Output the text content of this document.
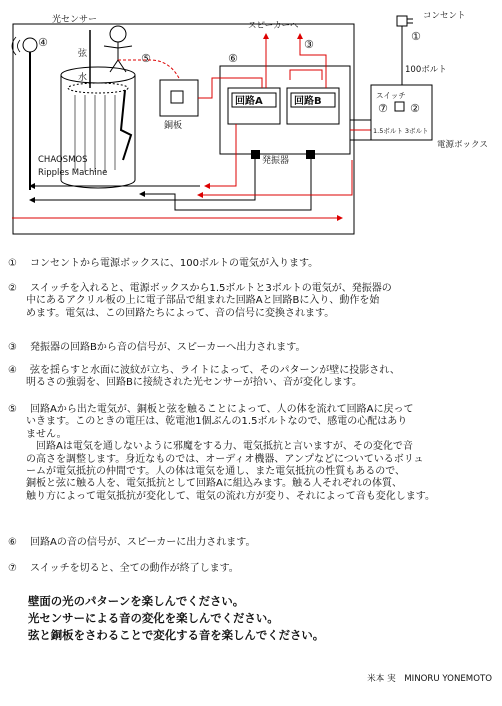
光センサー
④
弦
水
CHAOSMOS
Ripples Machine
⑤
銅板
発振器
回路A	回路B
スピーカーへ
⑥
③
コンセント
①
100ボルト
スイッチ
⑦ ②
1.5ボルト 3ボルト
電源ボックス
① コンセントから電源ボックスに、100ボルトの電気が入ります。
② スイッチを入れると、電源ボックスから1.5ボルトと3ボルトの電気が、発振器の
中にあるアクリル板の上に電子部品で組まれた回路Aと回路Bに入り、動作を始
めます。電気は、この回路たちによって、音の信号に変換されます。
③ 発振器の回路Bから音の信号が、スピーカーへ出力されます。
④ 弦を揺らすと水面に波紋が立ち、ライトによって、そのパターンが壁に投影され、
明るさの強弱を、回路Bに接続された光センサーが拾い、音が変化します。
⑤ 回路Aから出た電気が、銅板と弦を触ることによって、人の体を流れて回路Aに戻って
いきます。このときの電圧は、乾電池1個ぶんの1.5ボルトなので、感電の心配はあり
ません。
　回路Aは電気を通しないように邪魔をする力、電気抵抗と言いますが、その変化で音
の高さを調整します。身近なものでは、オーディオ機器、アンプなどについているボリュ
ームが電気抵抗の仲間です。人の体は電気を通し、また電気抵抗の性質もあるので、
銅板と弦に触る人を、電気抵抗として回路Aに組込みます。触る人それぞれの体質、
触り方によって電気抵抗が変化して、電気の流れ方が変り、それによって音も変化します。
⑥ 回路Aの音の信号が、スピーカーに出力されます。
⑦ スイッチを切ると、全ての動作が終了します。
壁面の光のパターンを楽しんでください。
光センサーによる音の変化を楽しんでください。
弦と銅板をさわることで変化する音を楽しんでください。
米本 実　MINORU YONEMOTO
